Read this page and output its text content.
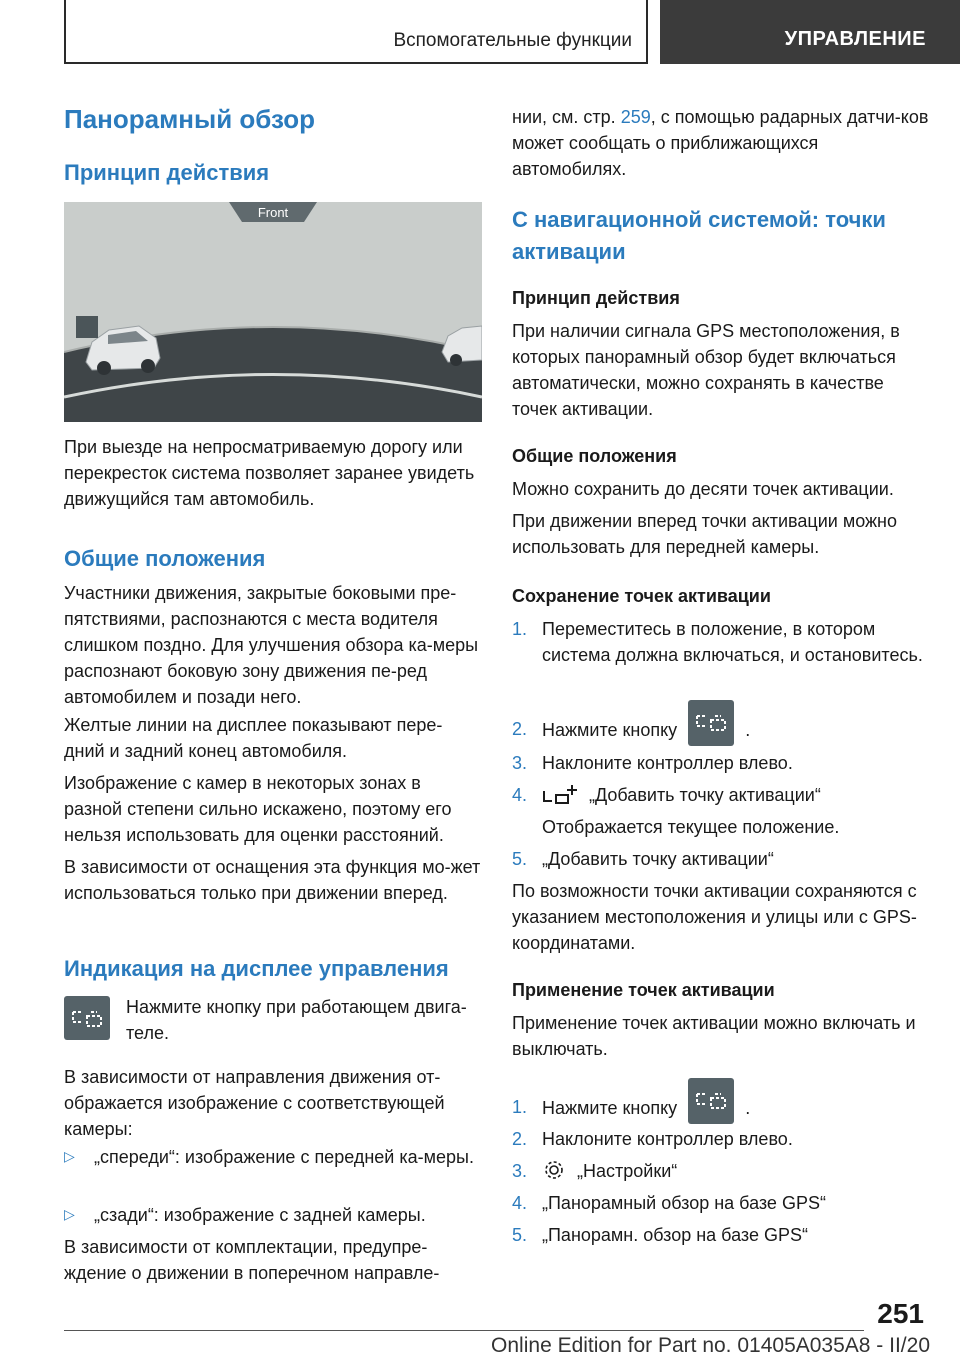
Вспомогательные функции	УПРАВЛЕНИЕ
Панорамный обзор
Принцип действия
Front

При выезде на непросматриваемую дорогу или перекресток система позволяет заранее увидеть движущийся там автомобиль.

Общие положения

Участники движения, закрытые боковыми пре-пятствиями, распознаются с места водителя слишком поздно. Для улучшения обзора ка-меры распознают боковую зону движения пе-ред автомобилем и позади него.

Желтые линии на дисплее показывают пере-дний и задний конец автомобиля.

Изображение с камер в некоторых зонах в разной степени сильно искажено, поэтому его нельзя использовать для оценки расстояний.

В зависимости от оснащения эта функция мо-жет использоваться только при движении вперед.

Индикация на дисплее управления

Нажмите кнопку при работающем двига-теле.

В зависимости от направления движения от-ображается изображение с соответствующей камеры:

▷ „спереди“: изображение с передней ка-меры.

▷ „сзади“: изображение с задней камеры.

В зависимости от комплектации, предупре-ждение о движении в поперечном направле-

нии, см. стр. 259, с помощью радарных датчи-ков может сообщать о приближающихся автомобилях.

С навигационной системой: точки активации
Принцип действия

При наличии сигнала GPS местоположения, в которых панорамный обзор будет включаться автоматически, можно сохранять в качестве точек активации.

Общие положения

Можно сохранить до десяти точек активации.

При движении вперед точки активации можно использовать для передней камеры.

Сохранение точек активации
1. Переместитесь в положение, в котором система должна включаться, и остановитесь.
2. Нажмите кнопку	.
3. Наклоните контроллер влево.
4.	„Добавить точку активации“

Отображается текущее положение.

5. „Добавить точку активации“

По возможности точки активации сохраняются с указанием местоположения и улицы или с GPS-координатами.

Применение точек активации

Применение точек активации можно включать и выключать.

1. Нажмите кнопку	.
2. Наклоните контроллер влево.
3.	„Настройки“
4. „Панорамный обзор на базе GPS“
5. „Панорамн. обзор на базе GPS“
251
Online Edition for Part no. 01405A035A8 - II/20
